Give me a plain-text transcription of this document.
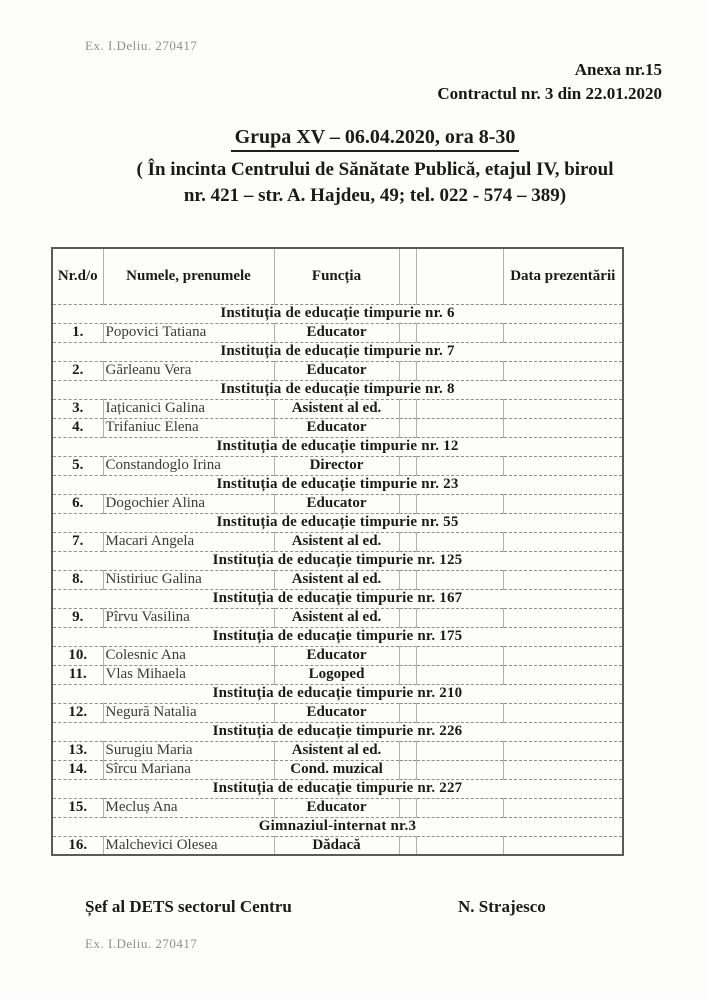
Ex. I.Deliu. 270417
Anexa nr.15
Contractul nr. 3 din 22.01.2020
Grupa XV – 06.04.2020, ora 8-30

( În incinta Centrului de Sănătate Publică, etajul IV, biroul

nr. 421 – str. A. Hajdeu, 49; tel. 022 - 574 – 389)

Nr.d/o	Numele, prenumele	Funcția			Data prezentării
Instituția de educație timpurie nr. 6					
1.	Popovici Tatiana	Educator			
Instituția de educație timpurie nr. 7					
2.	Gărleanu Vera	Educator			
Instituția de educație timpurie nr. 8					
3.	Iațicanici Galina	Asistent al ed.			
4.	Trifaniuc Elena	Educator			
Instituția de educație timpurie nr. 12					
5.	Constandoglo Irina	Director			
Instituția de educație timpurie nr. 23					
6.	Dogochier Alina	Educator			
Instituția de educație timpurie nr. 55					
7.	Macari Angela	Asistent al ed.			
Instituția de educație timpurie nr. 125					
8.	Nistiriuc Galina	Asistent al ed.			
Instituția de educație timpurie nr. 167					
9.	Pîrvu Vasilina	Asistent al ed.			
Instituția de educație timpurie nr. 175					
10.	Colesnic Ana	Educator			
11.	Vlas Mihaela	Logoped			
Instituția de educație timpurie nr. 210					
12.	Negură Natalia	Educator			
Instituția de educație timpurie nr. 226					
13.	Surugiu Maria	Asistent al ed.			
14.	Sîrcu Mariana	Cond. muzical			
Instituția de educație timpurie nr. 227					
15.	Mecluș Ana	Educator			
Gimnaziul-internat nr.3					
16.	Malchevici Olesea	Dădacă			
Șef al DETS sectorul Centru	N. Strajesco
Ex. I.Deliu. 270417
